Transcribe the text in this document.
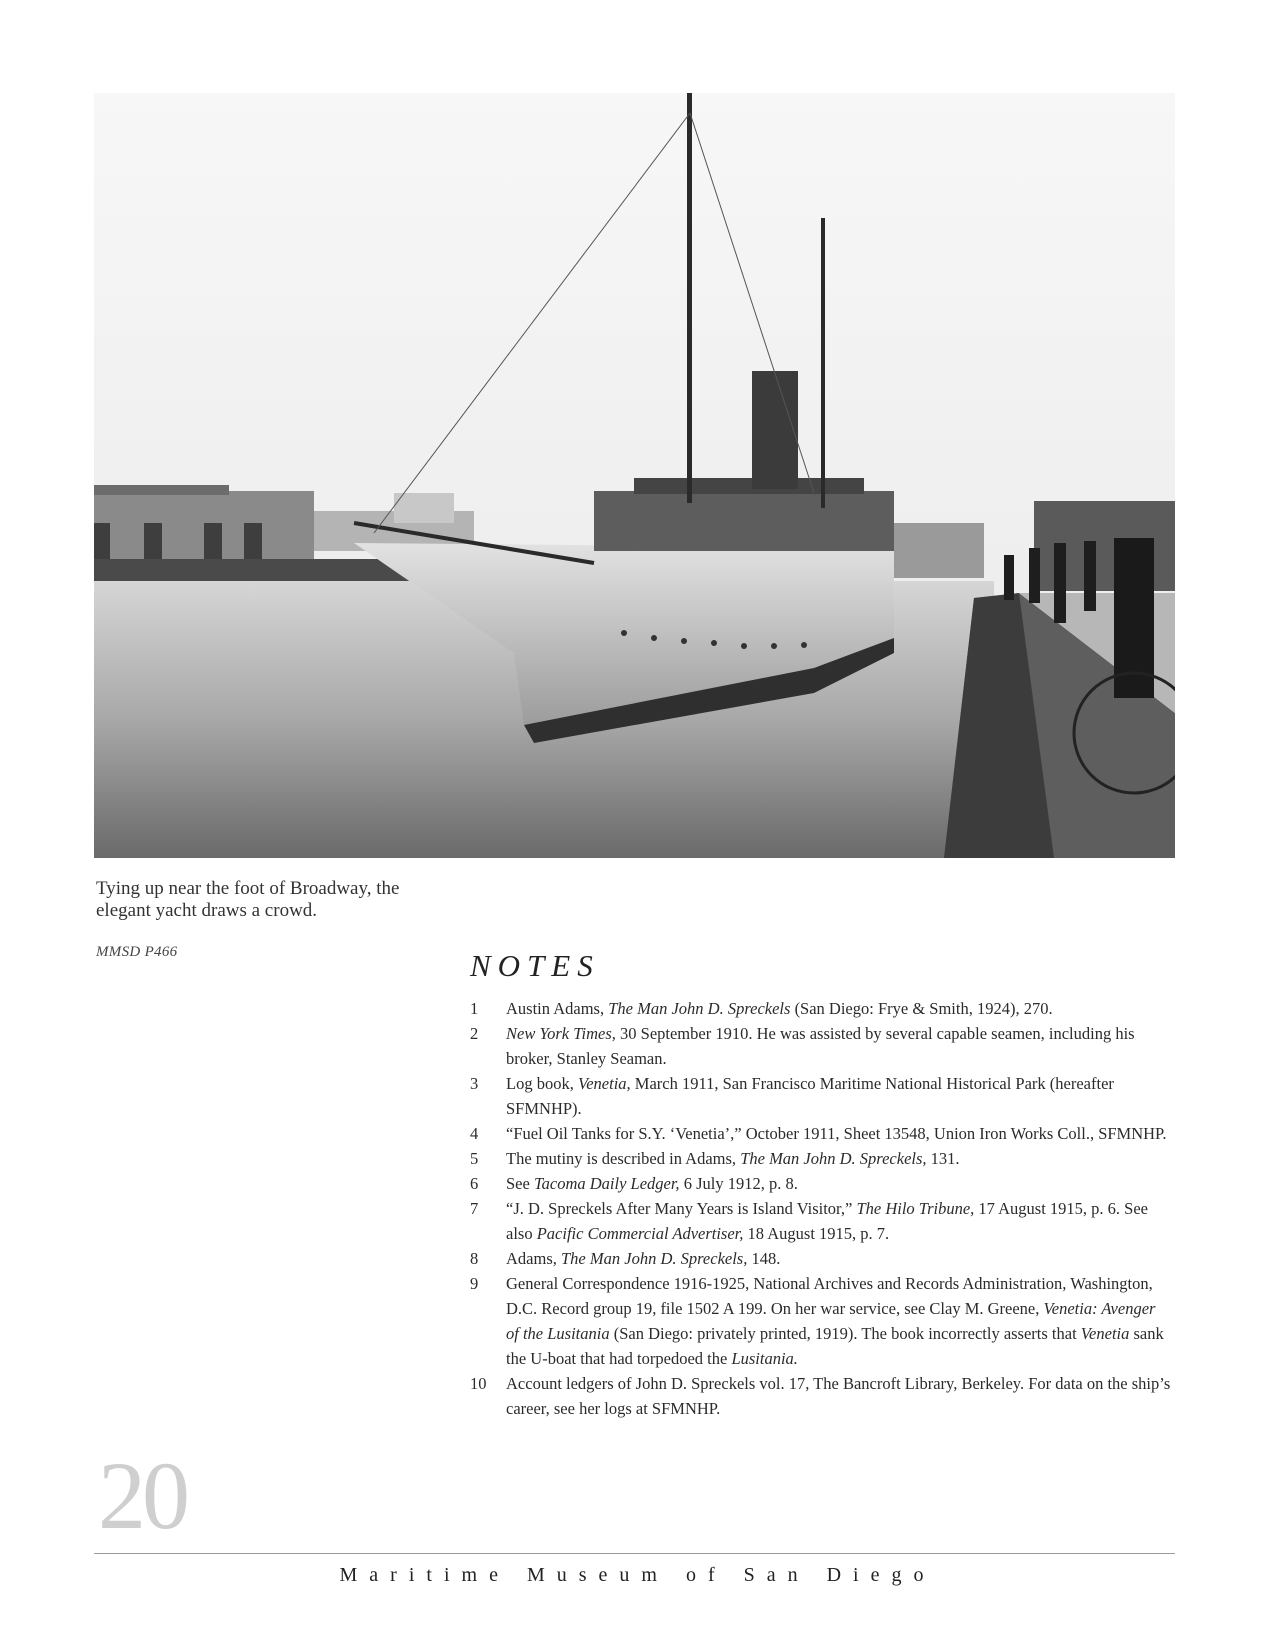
Tying up near the foot of Broadway, the elegant yacht draws a crowd.
MMSD P466	NOTES
1	Austin Adams, The Man John D. Spreckels (San Diego: Frye & Smith, 1924), 270.
2	New York Times, 30 September 1910. He was assisted by several capable seamen, including his broker, Stanley Seaman.
3	Log book, Venetia, March 1911, San Francisco Maritime National Historical Park (hereafter SFMNHP).
4	“Fuel Oil Tanks for S.Y. ‘Venetia’,” October 1911, Sheet 13548, Union Iron Works Coll., SFMNHP.
5	The mutiny is described in Adams, The Man John D. Spreckels, 131.
6	See Tacoma Daily Ledger, 6 July 1912, p. 8.
7	“J. D. Spreckels After Many Years is Island Visitor,” The Hilo Tribune, 17 August 1915, p. 6. See also Pacific Commercial Advertiser, 18 August 1915, p. 7.
8	Adams, The Man John D. Spreckels, 148.
9	General Correspondence 1916-1925, National Archives and Records Administration, Washington, D.C. Record group 19, file 1502 A 199. On her war service, see Clay M. Greene, Venetia: Avenger of the Lusitania (San Diego: privately printed, 1919). The book incorrectly asserts that Venetia sank the U-boat that had torpedoed the Lusitania.
10	Account ledgers of John D. Spreckels vol. 17, The Bancroft Library, Berkeley. For data on the ship’s career, see her logs at SFMNHP.
20
Maritime Museum of San Diego
